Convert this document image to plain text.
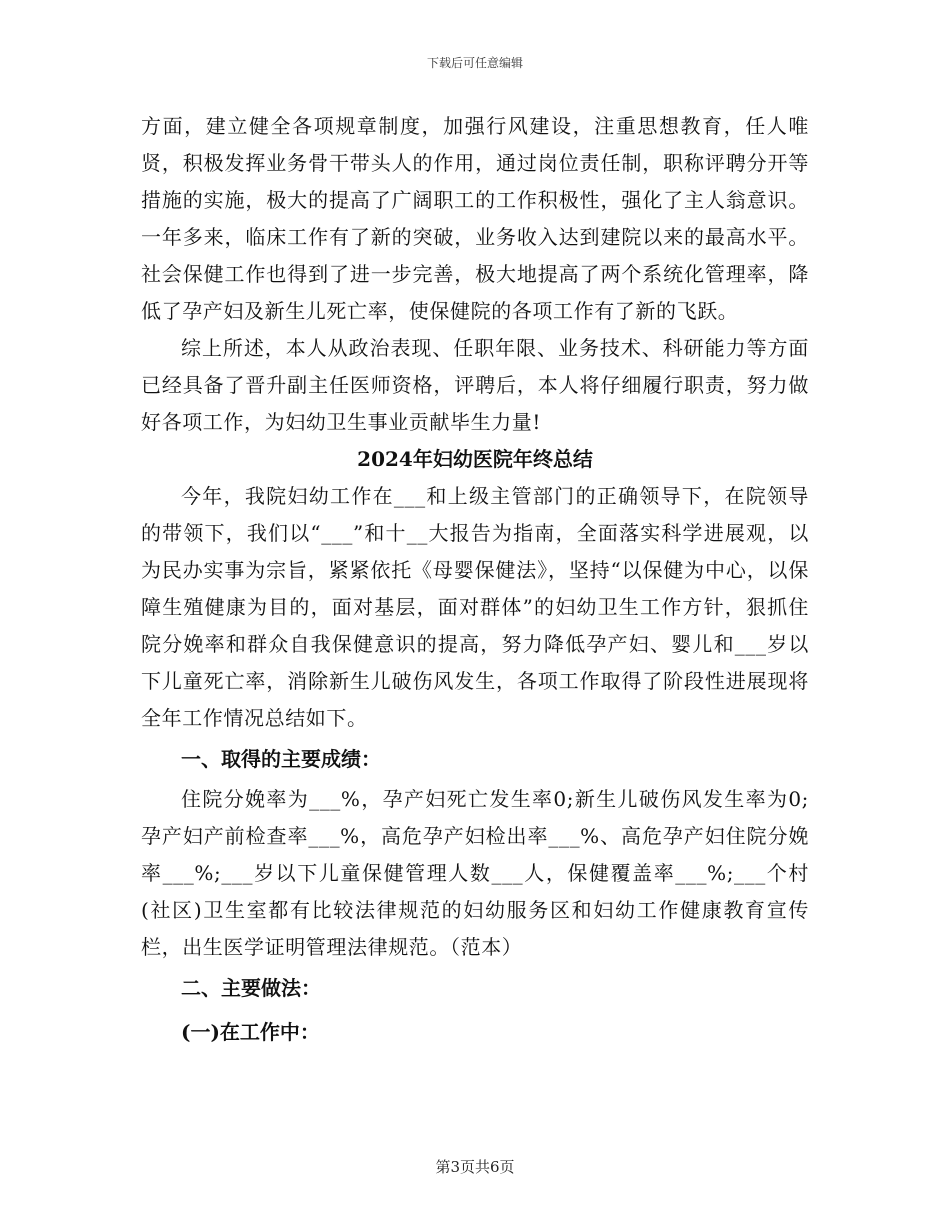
下载后可任意编辑

方面，建立健全各项规章制度，加强行风建设，注重思想教育，任人唯贤，积极发挥业务骨干带头人的作用，通过岗位责任制，职称评聘分开等措施的实施，极大的提高了广阔职工的工作积极性，强化了主人翁意识。一年多来，临床工作有了新的突破，业务收入达到建院以来的最高水平。社会保健工作也得到了进一步完善，极大地提高了两个系统化管理率，降低了孕产妇及新生儿死亡率，使保健院的各项工作有了新的飞跃。

综上所述，本人从政治表现、任职年限、业务技术、科研能力等方面已经具备了晋升副主任医师资格，评聘后，本人将仔细履行职责，努力做好各项工作，为妇幼卫生事业贡献毕生力量!

2024年妇幼医院年终总结

今年，我院妇幼工作在___和上级主管部门的正确领导下，在院领导的带领下，我们以“___”和十__大报告为指南，全面落实科学进展观，以为民办实事为宗旨，紧紧依托《母婴保健法》，坚持“以保健为中心，以保障生殖健康为目的，面对基层，面对群体”的妇幼卫生工作方针，狠抓住院分娩率和群众自我保健意识的提高，努力降低孕产妇、婴儿和___岁以下儿童死亡率，消除新生儿破伤风发生，各项工作取得了阶段性进展现将全年工作情况总结如下。

一、取得的主要成绩：

住院分娩率为___%，孕产妇死亡发生率0;新生儿破伤风发生率为0;孕产妇产前检查率___%，高危孕产妇检出率___%、高危孕产妇住院分娩率___%;___岁以下儿童保健管理人数___人，保健覆盖率___%;___个村(社区)卫生室都有比较法律规范的妇幼服务区和妇幼工作健康教育宣传栏，出生医学证明管理法律规范。（范本）

二、主要做法：

(一)在工作中：

第3页共6页
